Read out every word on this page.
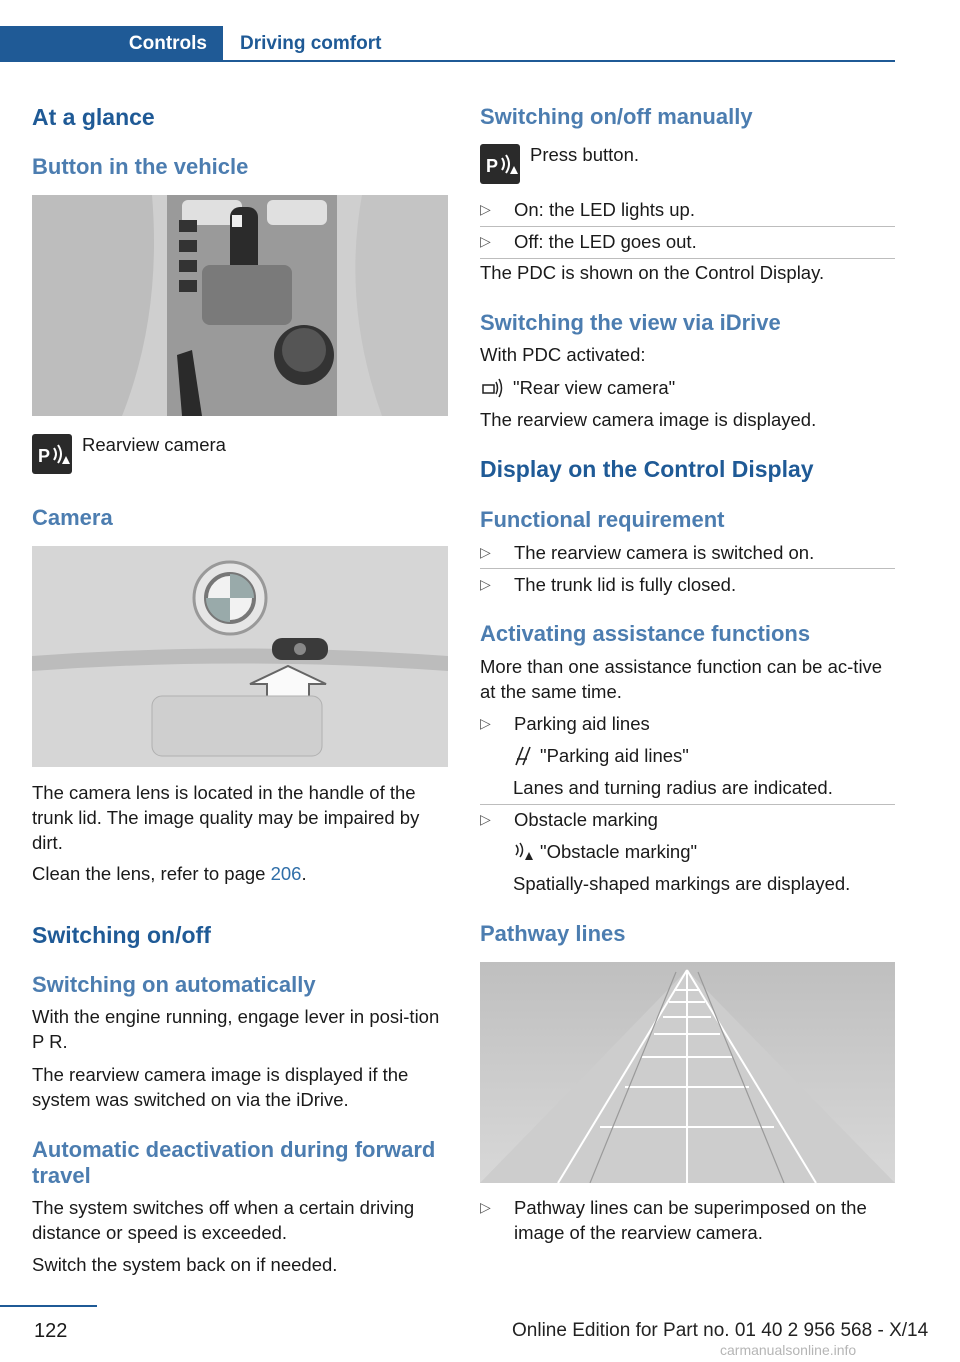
Controls	Driving comfort
At a glance
Button in the vehicle
P

Rearview camera

Camera

The camera lens is located in the handle of the trunk lid. The image quality may be impaired by dirt.

Clean the lens, refer to page 206.

Switching on/off
Switching on automatically

With the engine running, engage lever in posi‐tion P R.

The rearview camera image is displayed if the system was switched on via the iDrive.

Automatic deactivation during forward travel

The system switches off when a certain driving distance or speed is exceeded.

Switch the system back on if needed.

Switching on/off manually
P

Press button.

▷ On: the LED lights up.
▷ Off: the LED goes out.

The PDC is shown on the Control Display.

Switching the view via iDrive

With PDC activated:

"Rear view camera"

The rearview camera image is displayed.

Display on the Control Display
Functional requirement
▷ The rearview camera is switched on.
▷ The trunk lid is fully closed.
Activating assistance functions

More than one assistance function can be ac‐tive at the same time.

▷ Parking aid lines

"Parking aid lines"

Lanes and turning radius are indicated.

▷ Obstacle marking

"Obstacle marking"

Spatially-shaped markings are displayed.

Pathway lines
▷ Pathway lines can be superimposed on the

image of the rearview camera.

122	Online Edition for Part no. 01 40 2 956 568 - X/14
carmanualsonline.info
